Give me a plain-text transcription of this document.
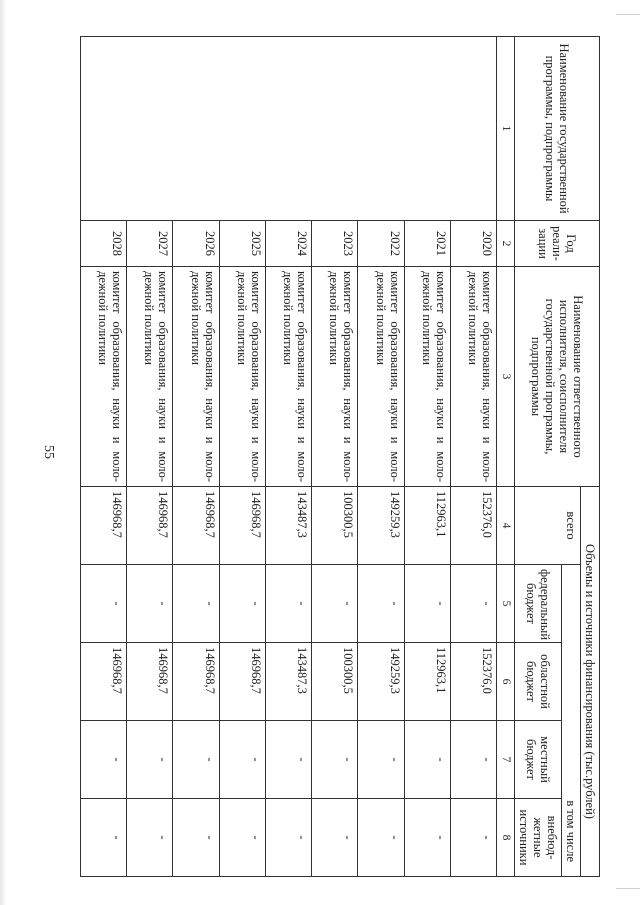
55
Наименование государственной программы, подпрограммы	Год реали-зации	Наименование ответственного исполнителя, соисполнителя государственной программы, подпрограммы	Объемы и источники финансирования (тыс.рублей)				
			всего	в том числе			
				федеральный бюджет	областной бюджет	местный бюджет	внебюд-жетные источники
1	2	3	4	5	6	7	8
	2020	комитет образования, науки и моло-дежной политики	152376,0	-	152376,0	-	-
	2021	комитет образования, науки и моло-дежной политики	112963,1	-	112963,1	-	-
	2022	комитет образования, науки и моло-дежной политики	149259,3	-	149259,3	-	-
	2023	комитет образования, науки и моло-дежной политики	100300,5	-	100300,5	-	-
	2024	комитет образования, науки и моло-дежной политики	143487,3	-	143487,3	-	-
	2025	комитет образования, науки и моло-дежной политики	146968,7	-	146968,7	-	-
	2026	комитет образования, науки и моло-дежной политики	146968,7	-	146968,7	-	-
	2027	комитет образования, науки и моло-дежной политики	146968,7	-	146968,7	-	-
	2028	комитет образования, науки и моло-дежной политики	146968,7	-	146968,7	-	-
